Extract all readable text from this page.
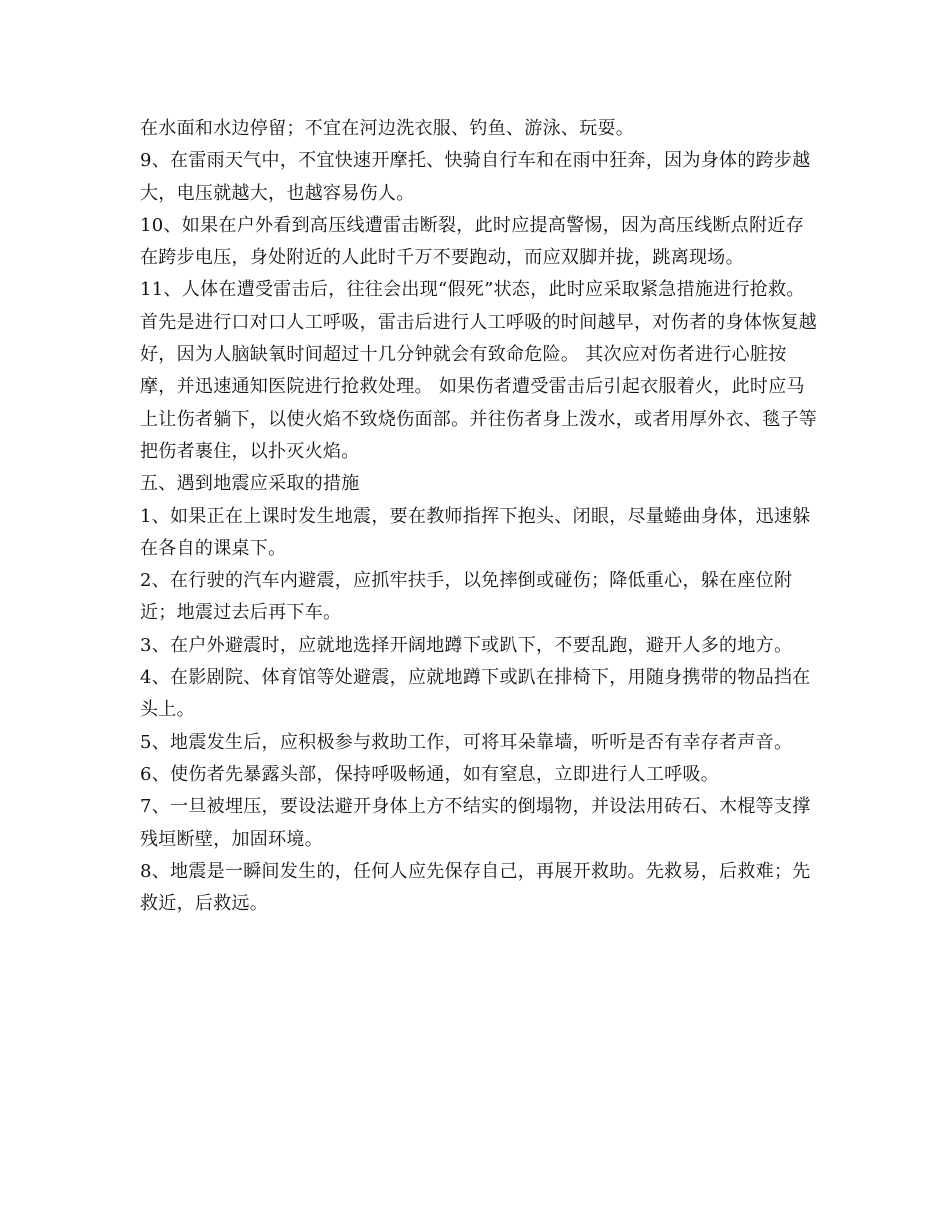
在水面和水边停留；不宜在河边洗衣服、钓鱼、游泳、玩耍。

9、在雷雨天气中，不宜快速开摩托、快骑自行车和在雨中狂奔，因为身体的跨步越大，电压就越大，也越容易伤人。

10、如果在户外看到高压线遭雷击断裂，此时应提高警惕，因为高压线断点附近存在跨步电压，身处附近的人此时千万不要跑动，而应双脚并拢，跳离现场。

11、人体在遭受雷击后，往往会出现“假死”状态，此时应采取紧急措施进行抢救。首先是进行口对口人工呼吸，雷击后进行人工呼吸的时间越早，对伤者的身体恢复越好，因为人脑缺氧时间超过十几分钟就会有致命危险。 其次应对伤者进行心脏按摩，并迅速通知医院进行抢救处理。 如果伤者遭受雷击后引起衣服着火，此时应马上让伤者躺下，以使火焰不致烧伤面部。并往伤者身上泼水，或者用厚外衣、毯子等把伤者裹住，以扑灭火焰。

五、遇到地震应采取的措施

1、如果正在上课时发生地震，要在教师指挥下抱头、闭眼，尽量蜷曲身体，迅速躲在各自的课桌下。

2、在行驶的汽车内避震，应抓牢扶手，以免摔倒或碰伤；降低重心，躲在座位附近；地震过去后再下车。

3、在户外避震时，应就地选择开阔地蹲下或趴下，不要乱跑，避开人多的地方。

4、在影剧院、体育馆等处避震，应就地蹲下或趴在排椅下，用随身携带的物品挡在头上。

5、地震发生后，应积极参与救助工作，可将耳朵靠墙，听听是否有幸存者声音。

6、使伤者先暴露头部，保持呼吸畅通，如有窒息，立即进行人工呼吸。

7、一旦被埋压，要设法避开身体上方不结实的倒塌物，并设法用砖石、木棍等支撑残垣断壁，加固环境。

8、地震是一瞬间发生的，任何人应先保存自己，再展开救助。先救易，后救难；先救近，后救远。
